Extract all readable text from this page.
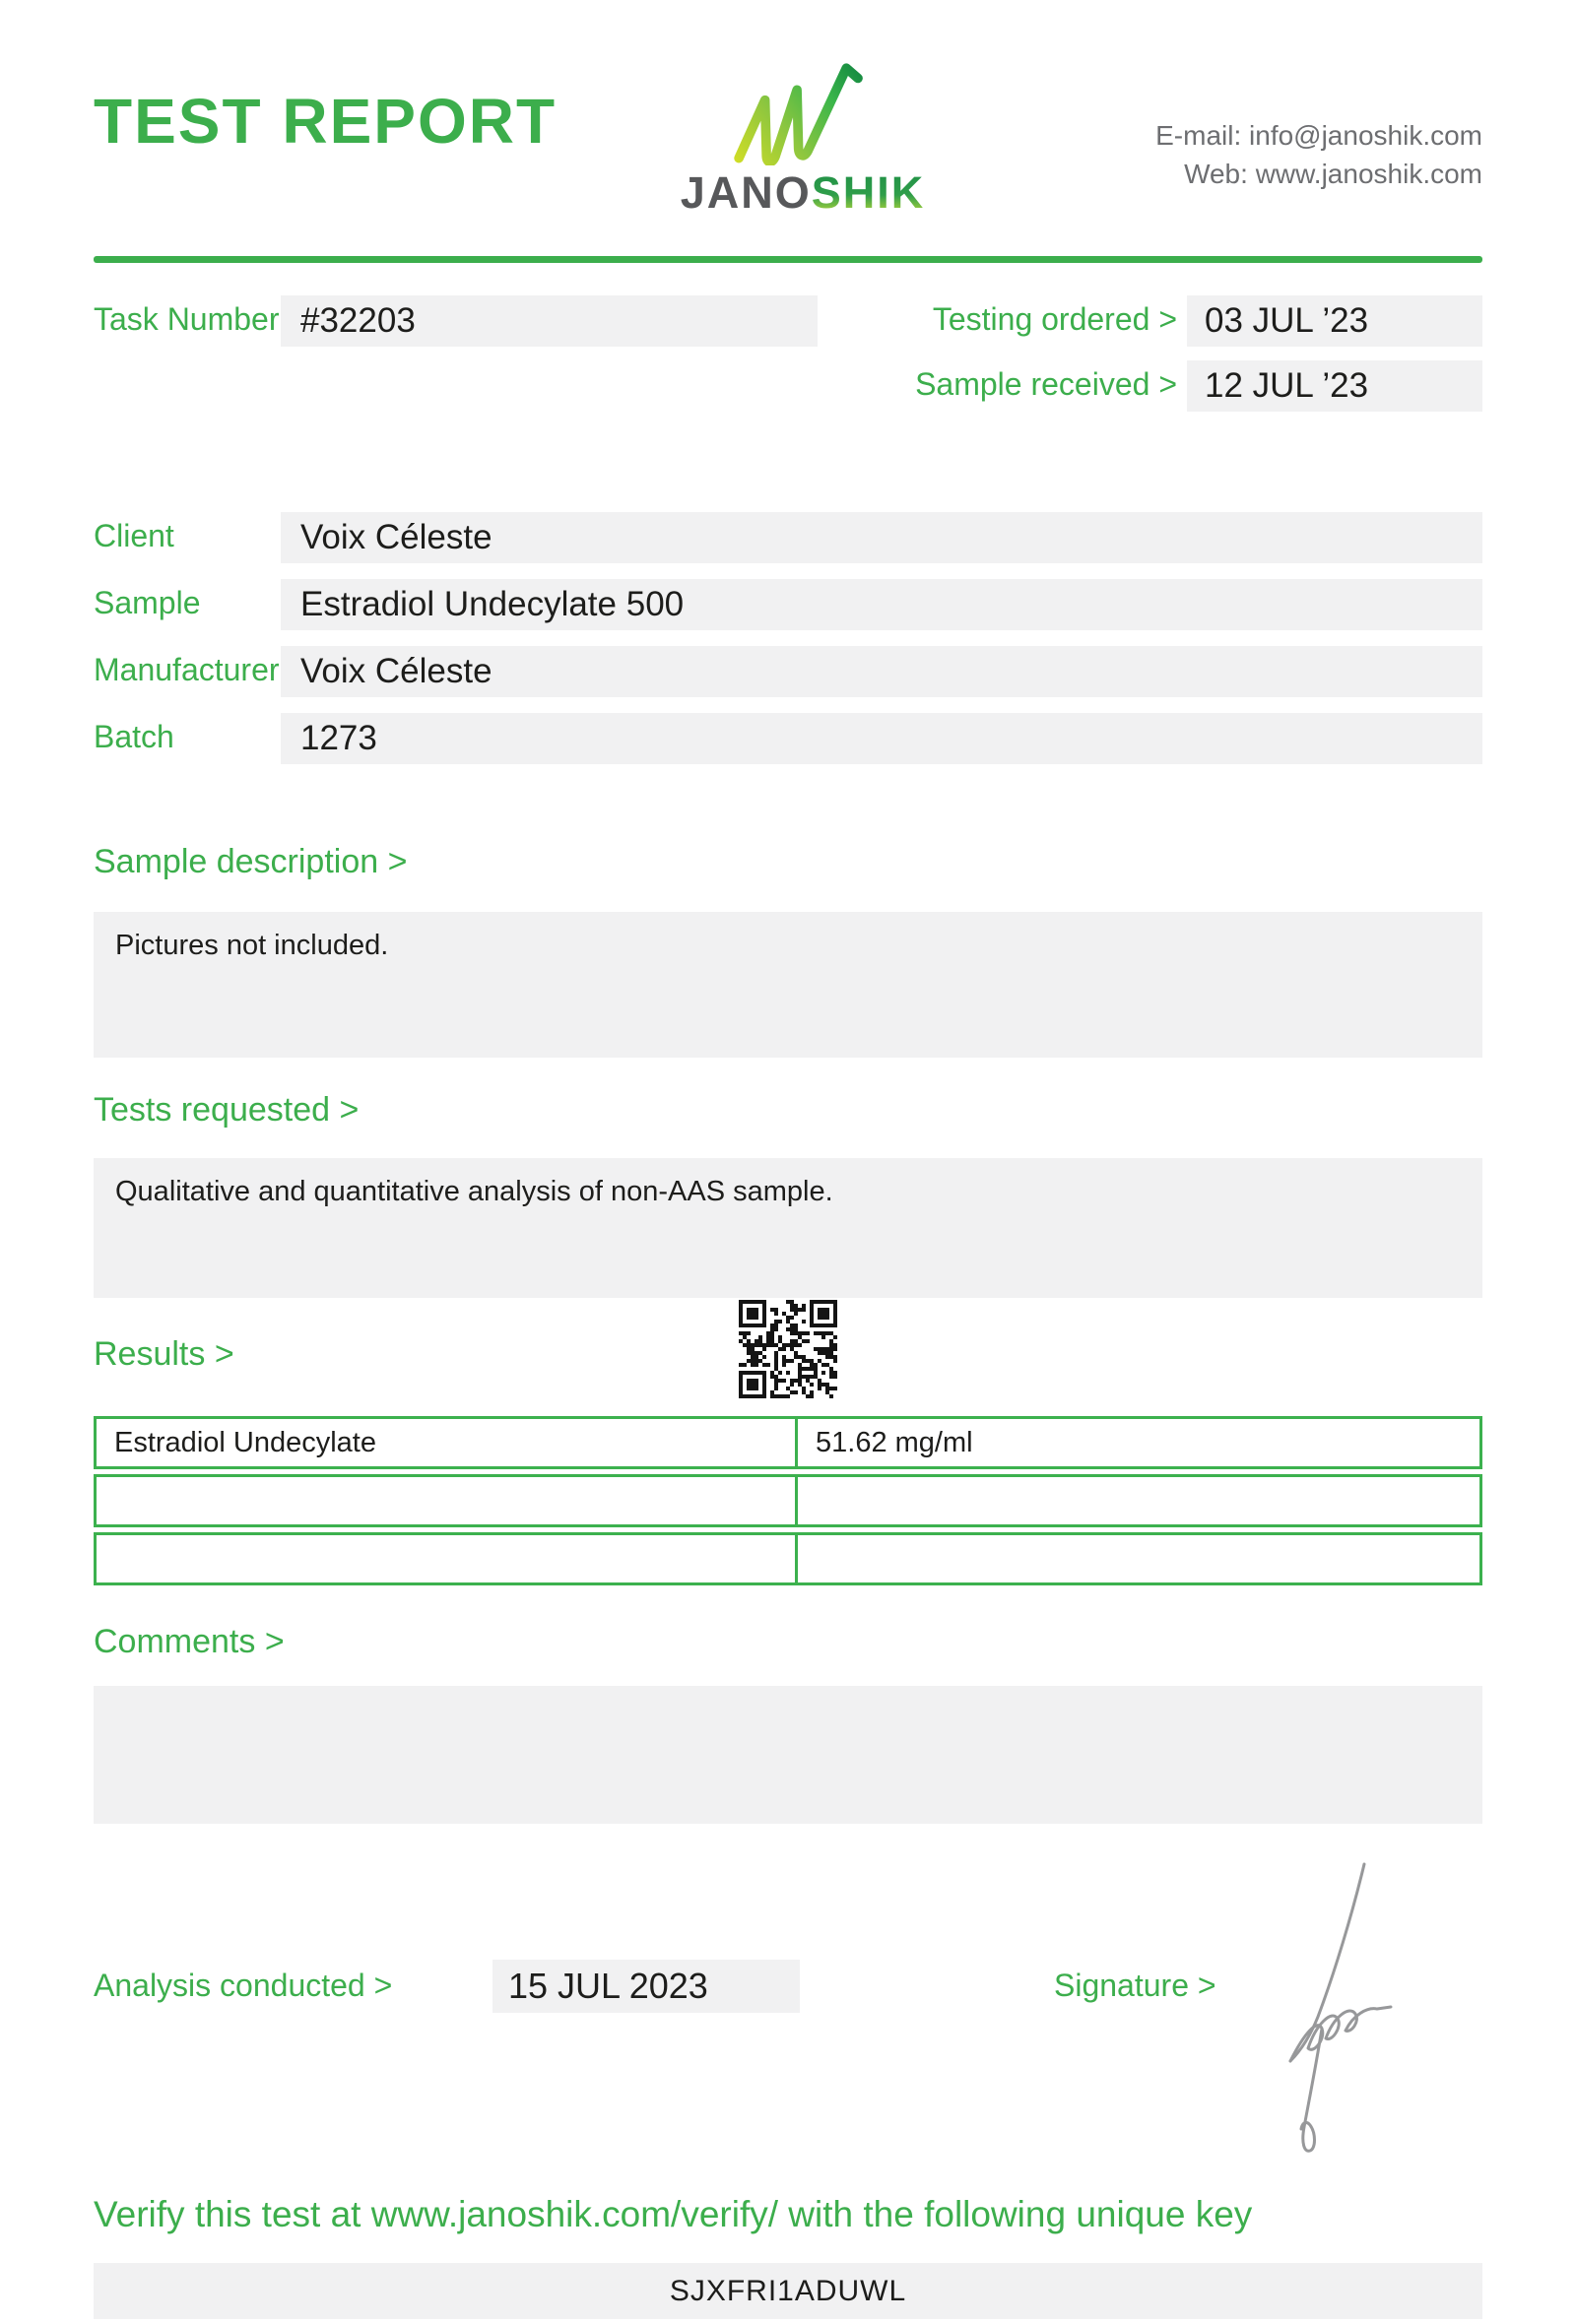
TEST REPORT
JANOSHIK
E-mail: info@janoshik.com
Web: www.janoshik.com
Task Number #32203	Testing ordered > 03 JUL ’23
Sample received > 12 JUL ’23
Client	Voix Céleste
Sample	Estradiol Undecylate 500
Manufacturer Voix Céleste
Batch	1273
Sample description >
Pictures not included.
Tests requested >
Qualitative and quantitative analysis of non-AAS sample.
Results >
Estradiol Undecylate	51.62 mg/ml
Comments >
Analysis conducted >	15 JUL 2023	Signature >
Verify this test at www.janoshik.com/verify/ with the following unique key
SJXFRI1ADUWL
